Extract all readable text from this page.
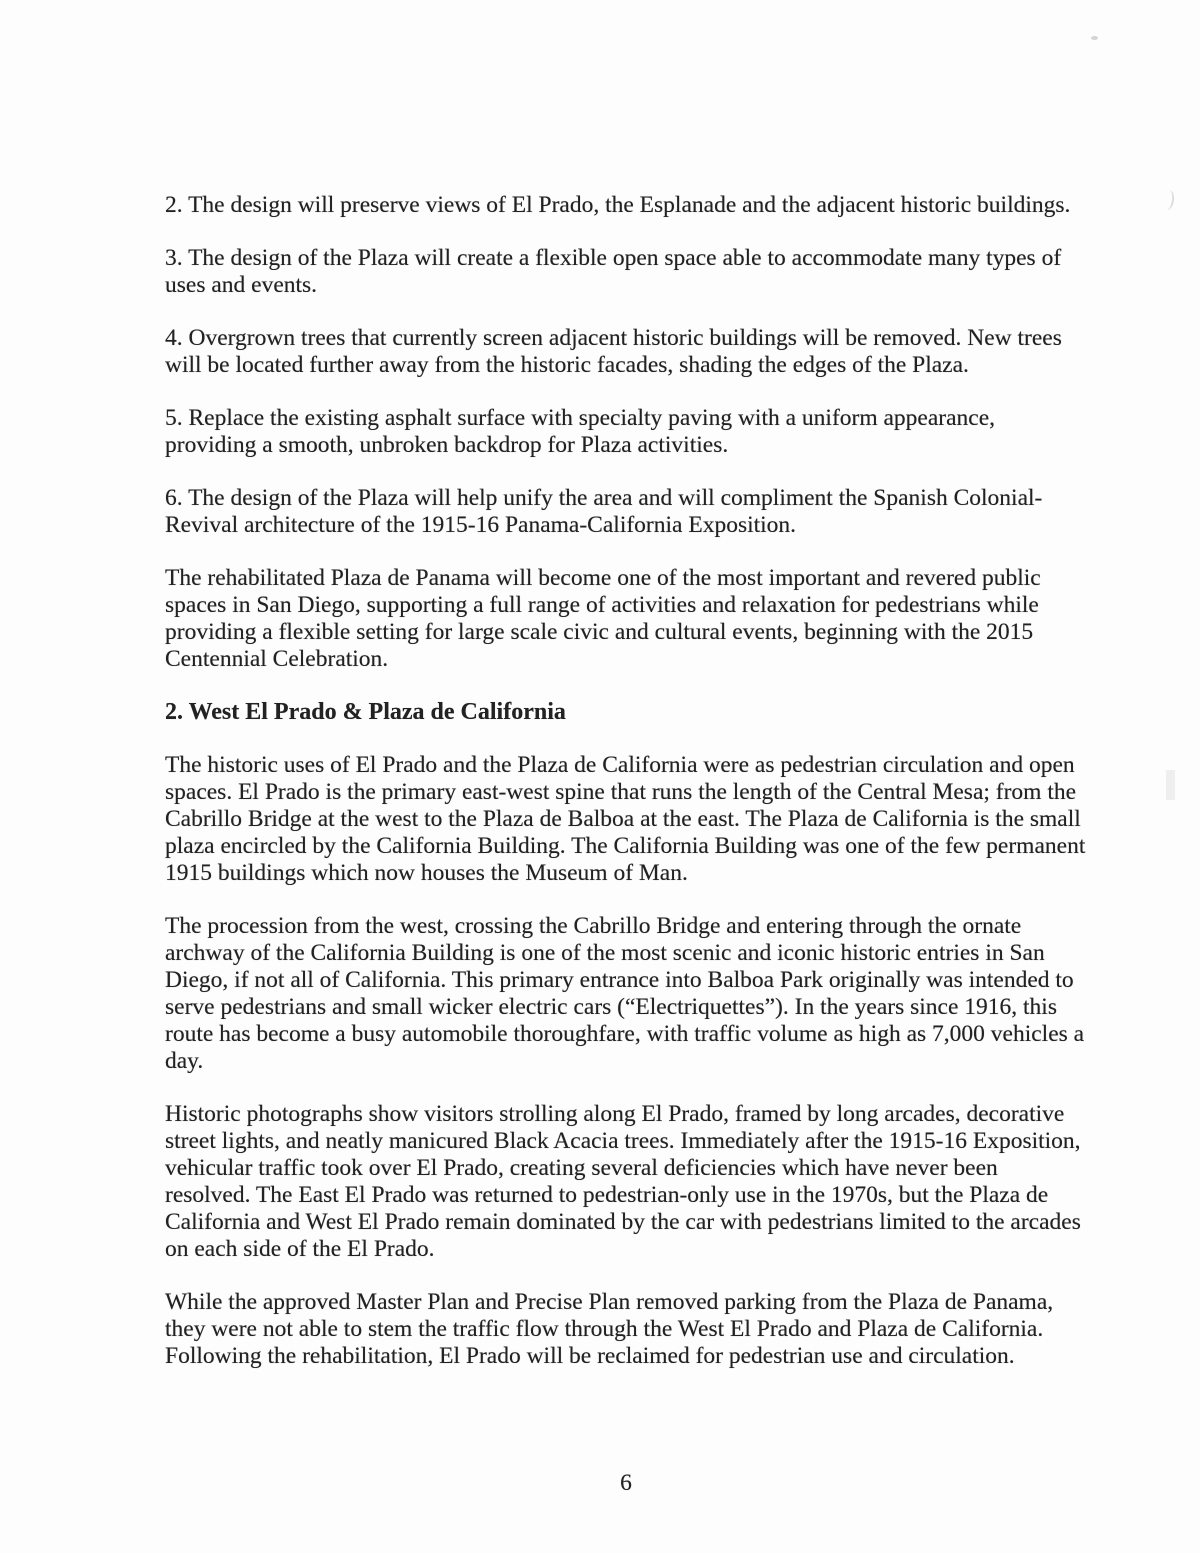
2. The design will preserve views of El Prado, the Esplanade and the adjacent historic buildings.

3. The design of the Plaza will create a flexible open space able to accommodate many types of uses and events.

4. Overgrown trees that currently screen adjacent historic buildings will be removed. New trees will be located further away from the historic facades, shading the edges of the Plaza.

5. Replace the existing asphalt surface with specialty paving with a uniform appearance, providing a smooth, unbroken backdrop for Plaza activities.

6. The design of the Plaza will help unify the area and will compliment the Spanish Colonial-Revival architecture of the 1915-16 Panama-California Exposition.

The rehabilitated Plaza de Panama will become one of the most important and revered public spaces in San Diego, supporting a full range of activities and relaxation for pedestrians while providing a flexible setting for large scale civic and cultural events, beginning with the 2015 Centennial Celebration.

2. West El Prado & Plaza de California

The historic uses of El Prado and the Plaza de California were as pedestrian circulation and open spaces. El Prado is the primary east-west spine that runs the length of the Central Mesa; from the Cabrillo Bridge at the west to the Plaza de Balboa at the east. The Plaza de California is the small plaza encircled by the California Building. The California Building was one of the few permanent 1915 buildings which now houses the Museum of Man.

The procession from the west, crossing the Cabrillo Bridge and entering through the ornate archway of the California Building is one of the most scenic and iconic historic entries in San Diego, if not all of California. This primary entrance into Balboa Park originally was intended to serve pedestrians and small wicker electric cars (“Electriquettes”). In the years since 1916, this route has become a busy automobile thoroughfare, with traffic volume as high as 7,000 vehicles a day.

Historic photographs show visitors strolling along El Prado, framed by long arcades, decorative street lights, and neatly manicured Black Acacia trees. Immediately after the 1915-16 Exposition, vehicular traffic took over El Prado, creating several deficiencies which have never been resolved. The East El Prado was returned to pedestrian-only use in the 1970s, but the Plaza de California and West El Prado remain dominated by the car with pedestrians limited to the arcades on each side of the El Prado.

While the approved Master Plan and Precise Plan removed parking from the Plaza de Panama, they were not able to stem the traffic flow through the West El Prado and Plaza de California. Following the rehabilitation, El Prado will be reclaimed for pedestrian use and circulation.

6
